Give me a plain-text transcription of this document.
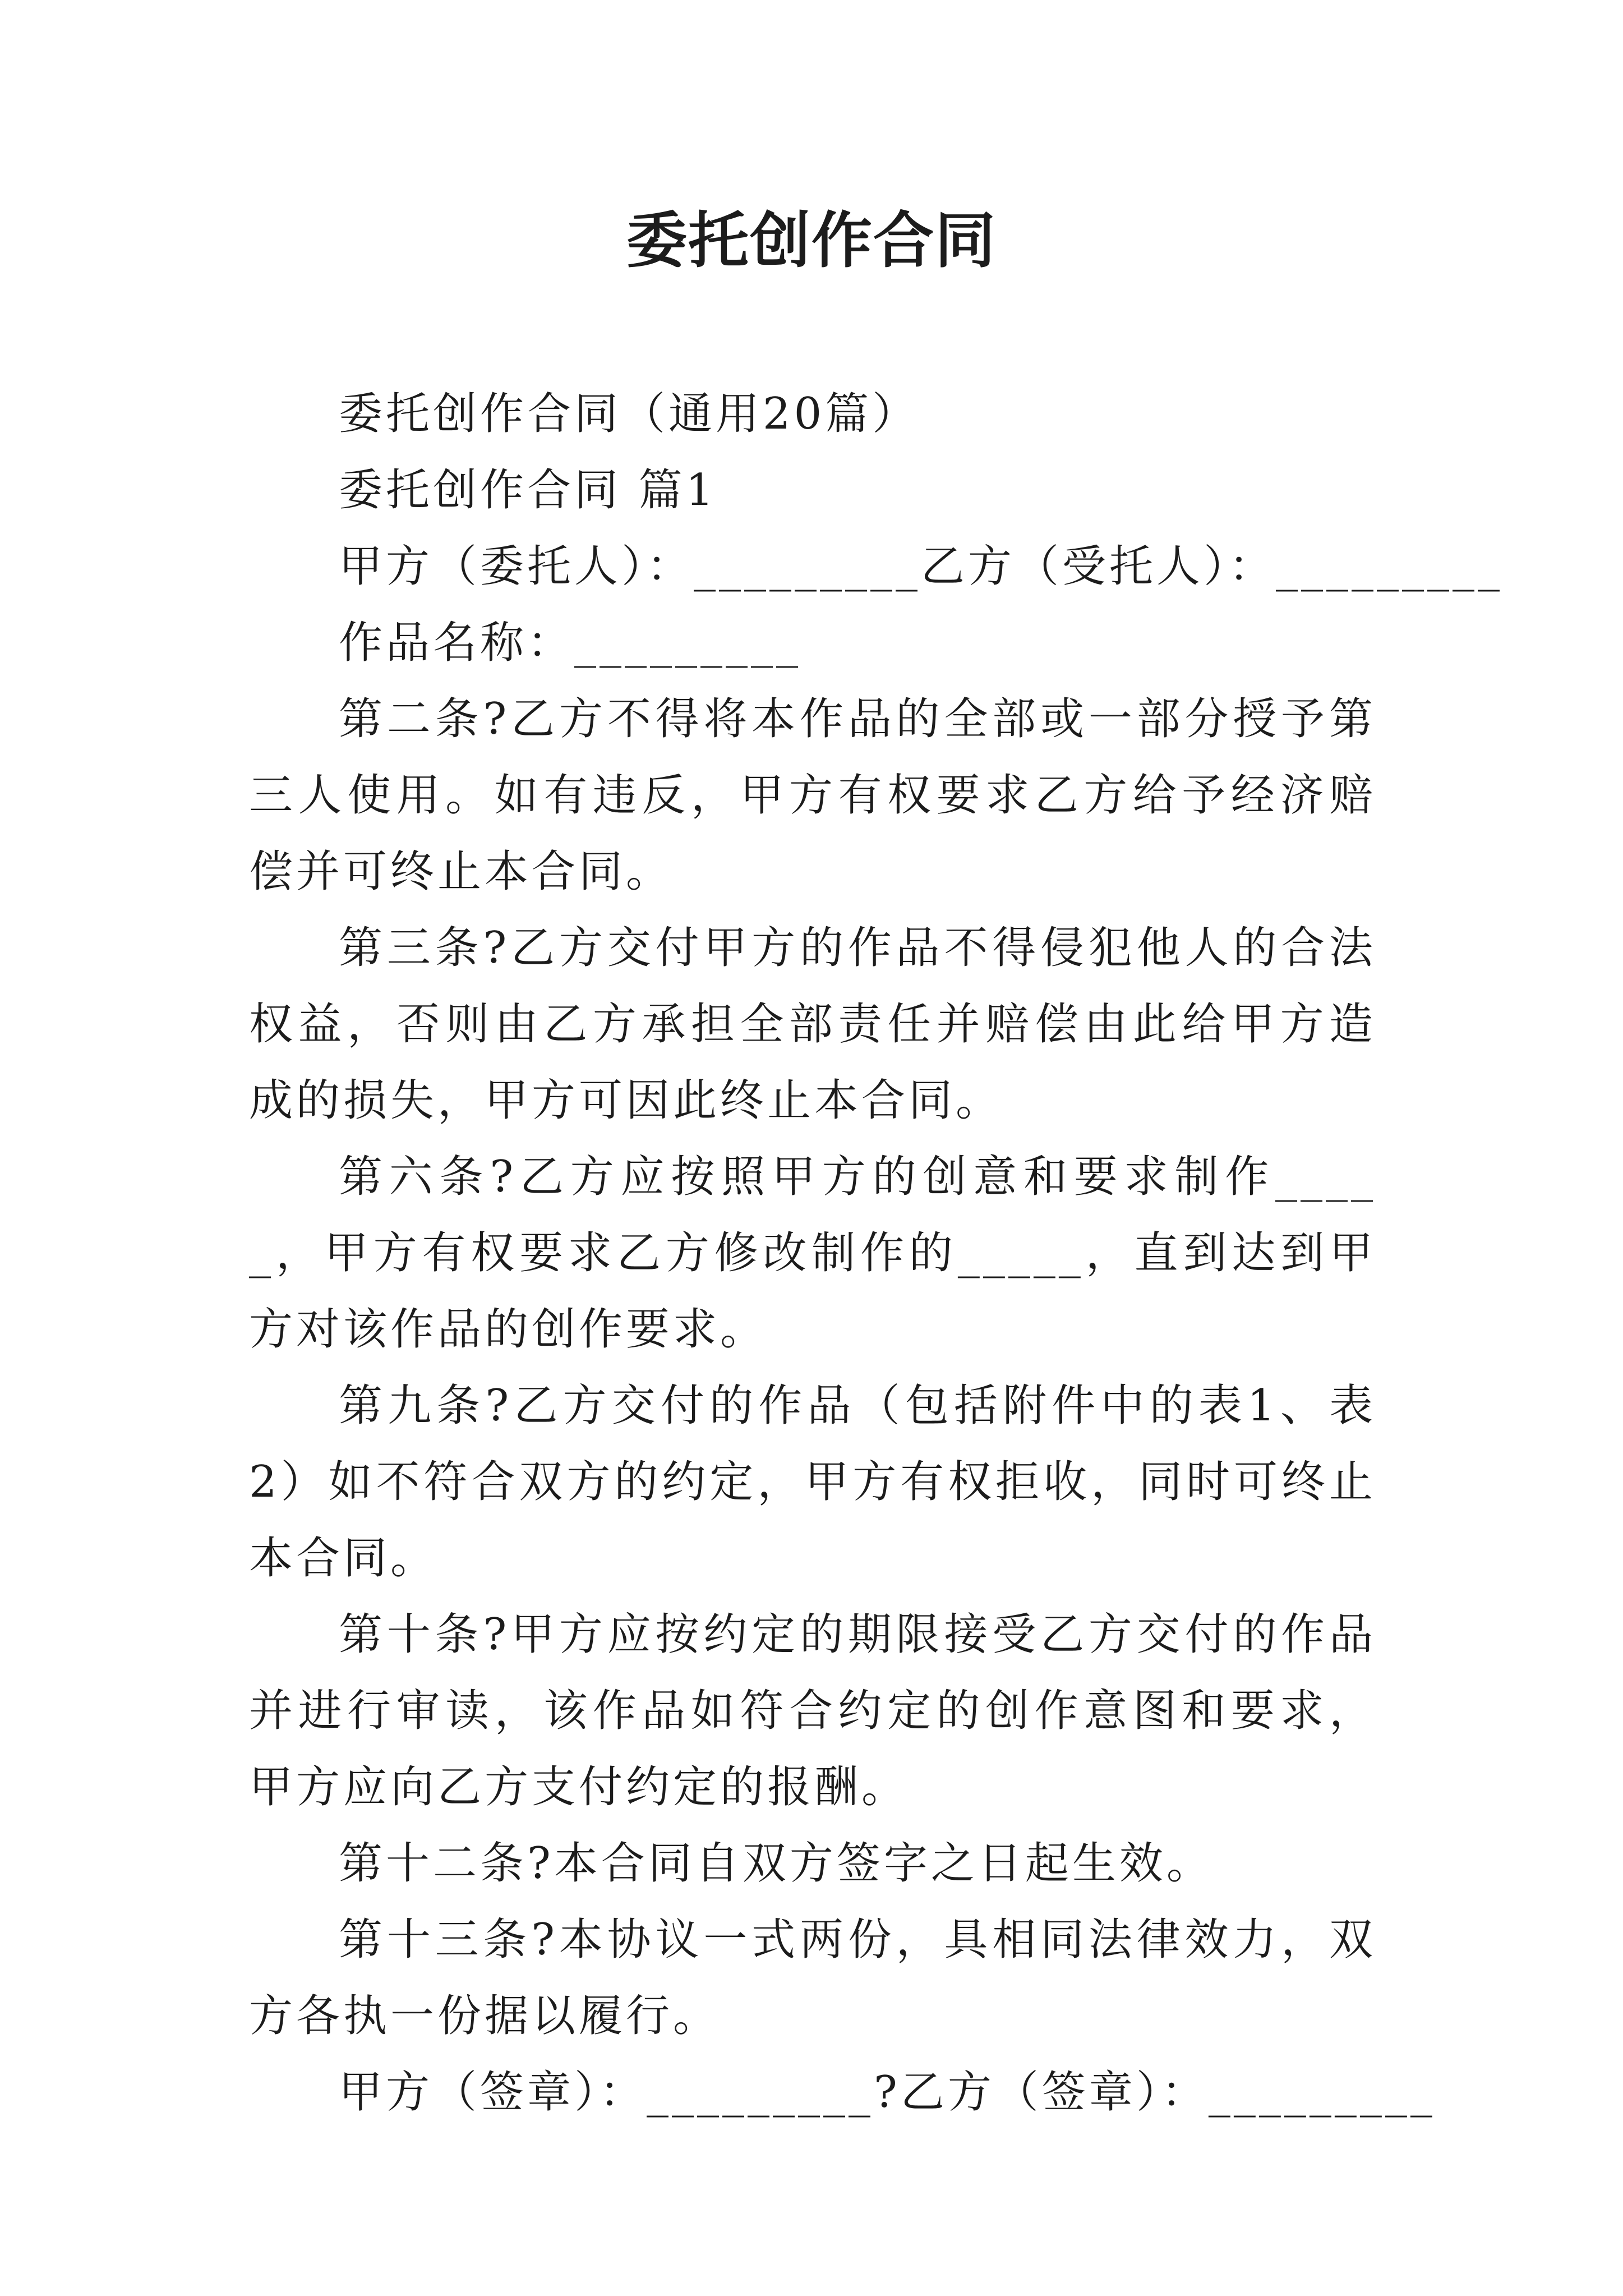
委托创作合同

委托创作合同（通用20篇）

委托创作合同 篇1

甲方（委托人）：_________乙方（受托人）：_________

作品名称：_________

第二条?乙方不得将本作品的全部或一部分授予第三人使用。如有违反，甲方有权要求乙方给予经济赔偿并可终止本合同。

第三条?乙方交付甲方的作品不得侵犯他人的合法权益，否则由乙方承担全部责任并赔偿由此给甲方造成的损失，甲方可因此终止本合同。

第六条?乙方应按照甲方的创意和要求制作_____，甲方有权要求乙方修改制作的_____，直到达到甲方对该作品的创作要求。

第九条?乙方交付的作品（包括附件中的表1、表2）如不符合双方的约定，甲方有权拒收，同时可终止本合同。

第十条?甲方应按约定的期限接受乙方交付的作品并进行审读，该作品如符合约定的创作意图和要求，甲方应向乙方支付约定的报酬。

第十二条?本合同自双方签字之日起生效。

第十三条?本协议一式两份，具相同法律效力，双方各执一份据以履行。

甲方（签章）：_________?乙方（签章）：_________
